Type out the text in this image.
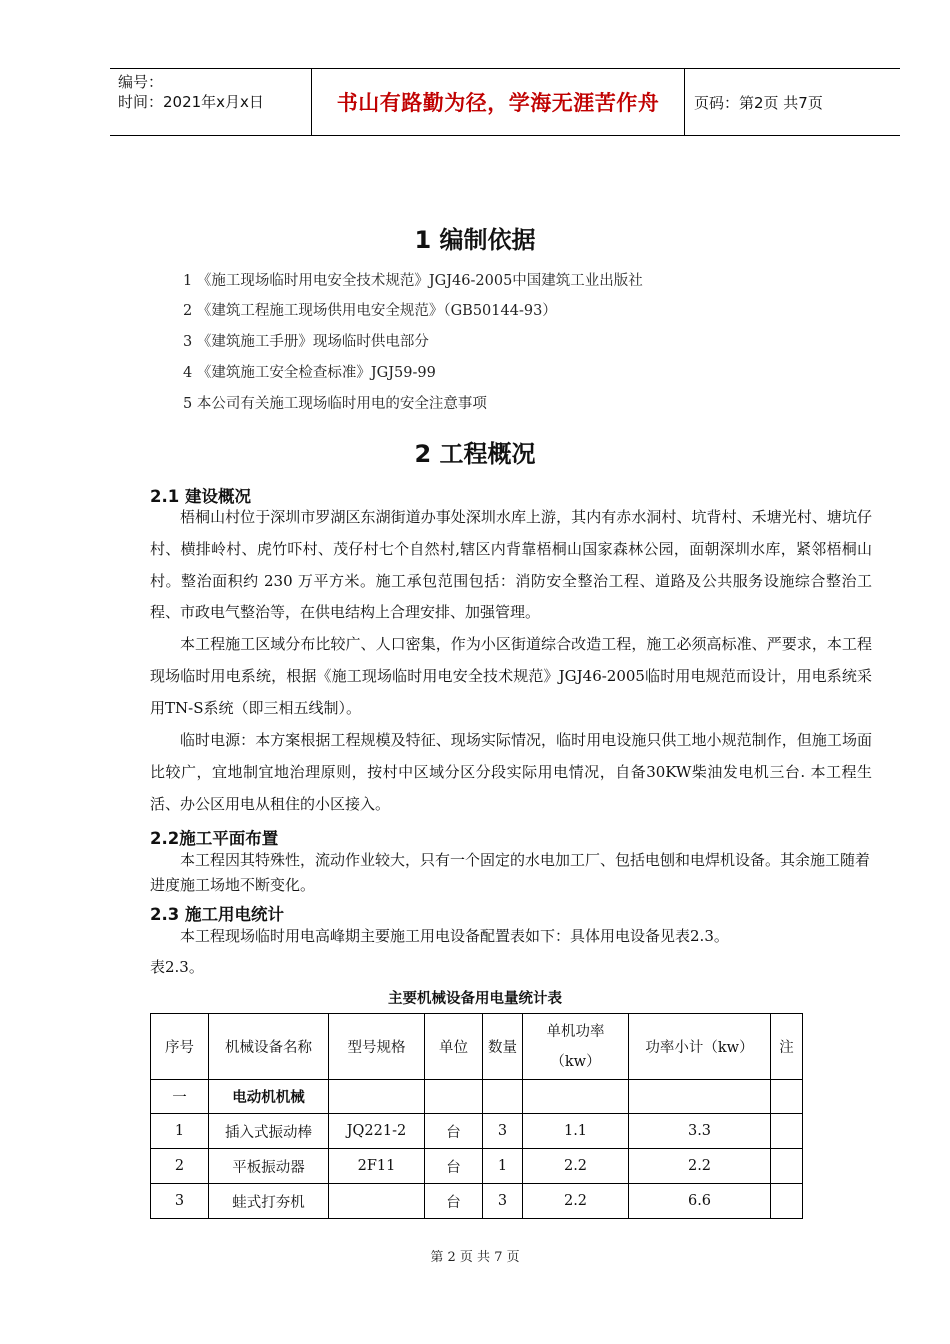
编号：
时间：2021年x月x日	书山有路勤为径，学海无涯苦作舟	页码：第2页 共7页
1 编制依据
1 《施工现场临时用电安全技术规范》JGJ46-2005中国建筑工业出版社
2 《建筑工程施工现场供用电安全规范》（GB50144-93）
3 《建筑施工手册》现场临时供电部分
4 《建筑施工安全检查标准》JGJ59-99
5 本公司有关施工现场临时用电的安全注意事项
2 工程概况
2.1 建设概况

梧桐山村位于深圳市罗湖区东湖街道办事处深圳水库上游，其内有赤水洞村、坑背村、禾塘光村、塘坑仔村、横排岭村、虎竹吓村、茂仔村七个自然村,辖区内背靠梧桐山国家森林公园，面朝深圳水库，紧邻梧桐山村。整治面积约 230 万平方米。施工承包范围包括：消防安全整治工程、道路及公共服务设施综合整治工程、市政电气整治等，在供电结构上合理安排、加强管理。

本工程施工区域分布比较广、人口密集，作为小区街道综合改造工程，施工必须高标准、严要求，本工程现场临时用电系统，根据《施工现场临时用电安全技术规范》JGJ46-2005临时用电规范而设计，用电系统采用TN-S系统（即三相五线制）。

临时电源：本方案根据工程规模及特征、现场实际情况，临时用电设施只供工地小规范制作，但施工场面比较广，宜地制宜地治理原则，按村中区域分区分段实际用电情况，自备30KW柴油发电机三台. 本工程生活、办公区用电从租住的小区接入。

2.2施工平面布置

本工程因其特殊性，流动作业较大，只有一个固定的水电加工厂、包括电刨和电焊机设备。其余施工随着进度施工场地不断变化。

2.3 施工用电统计
本工程现场临时用电高峰期主要施工用电设备配置表如下：具体用电设备见表2.3。
表2.3。
主要机械设备用电量统计表
序号	机械设备名称	型号规格	单位	数量	单机功率（kw）	功率小计（kw）	注
一	电动机机械						
1	插入式振动棒	JQ221-2	台	3	1.1	3.3	
2	平板振动器	2F11	台	1	2.2	2.2	
3	蛙式打夯机		台	3	2.2	6.6	
第 2 页 共 7 页
